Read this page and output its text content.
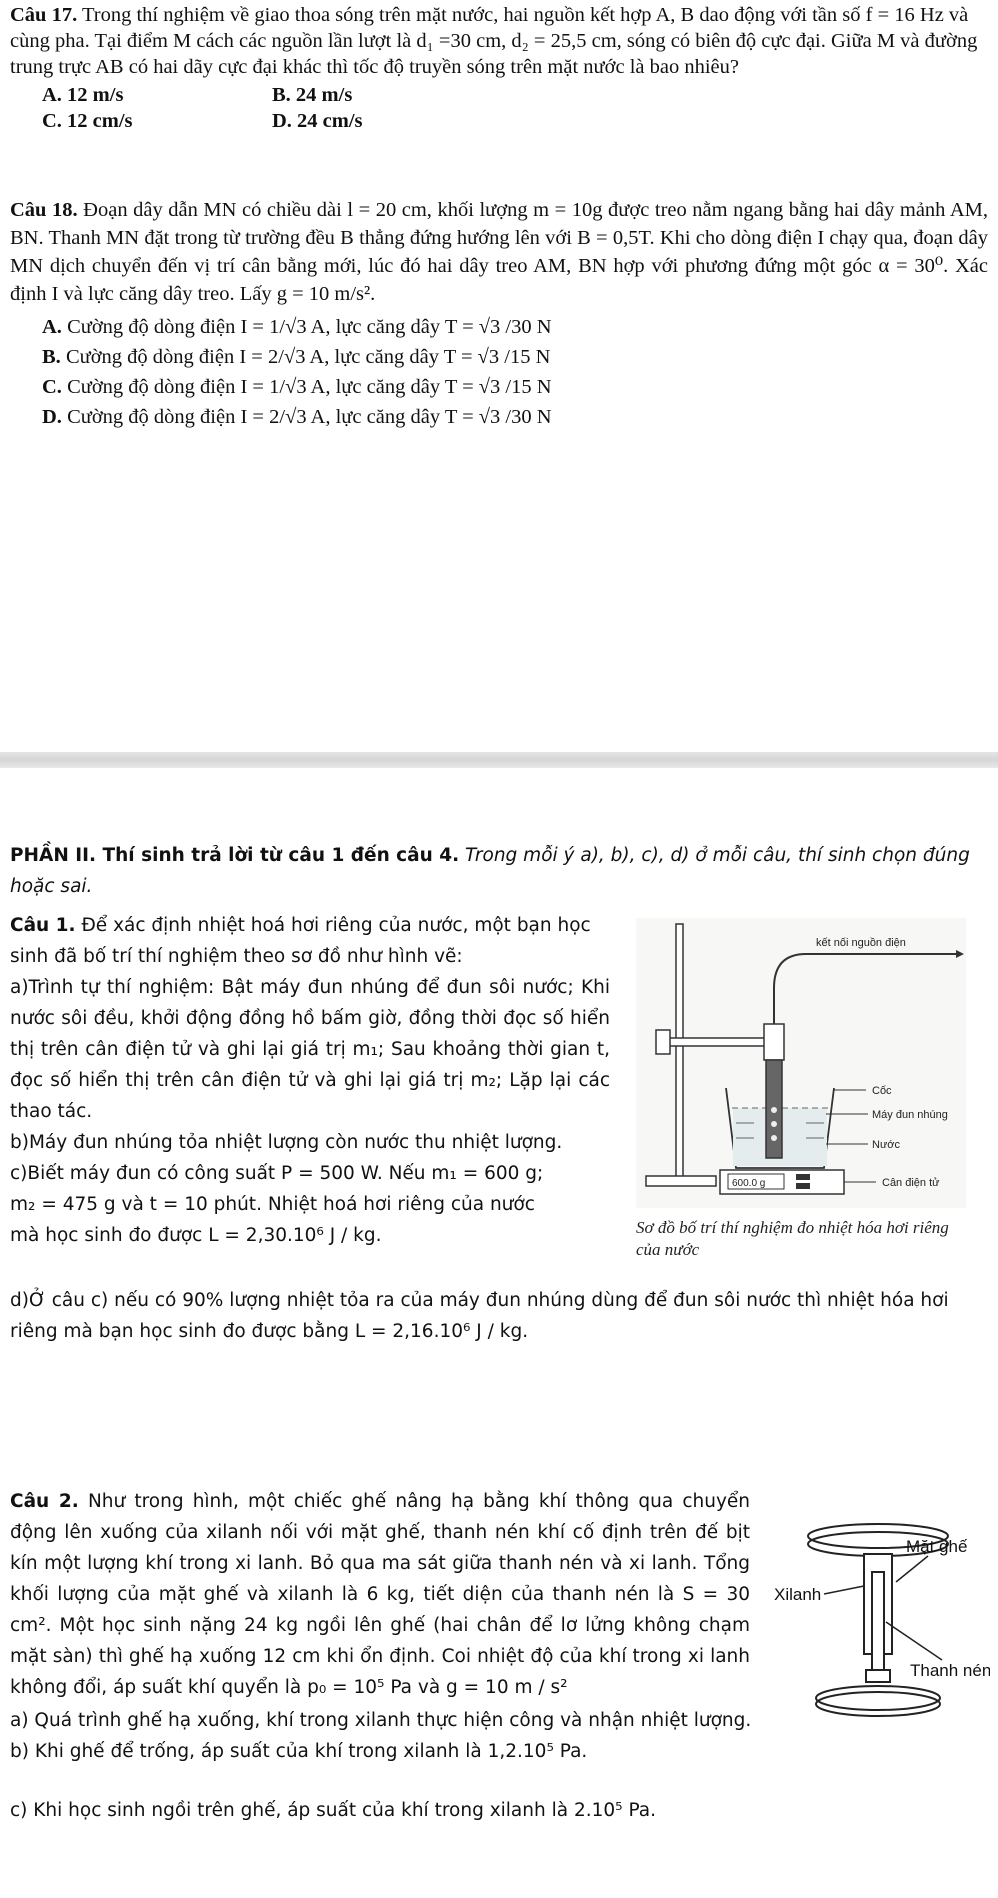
Câu 17. Trong thí nghiệm về giao thoa sóng trên mặt nước, hai nguồn kết hợp A, B dao động với tần số f = 16 Hz và cùng pha. Tại điểm M cách các nguồn lần lượt là d₁ =30 cm, d₂ = 25,5 cm, sóng có biên độ cực đại. Giữa M và đường trung trực AB có hai dãy cực đại khác thì tốc độ truyền sóng trên mặt nước là bao nhiêu?

A. 12 m/s	B. 24 m/s
C. 12 cm/s	D. 24 cm/s

Câu 18. Đoạn dây dẫn MN có chiều dài l = 20 cm, khối lượng m = 10g được treo nằm ngang bằng hai dây mảnh AM, BN. Thanh MN đặt trong từ trường đều B thẳng đứng hướng lên với B = 0,5T. Khi cho dòng điện I chạy qua, đoạn dây MN dịch chuyển đến vị trí cân bằng mới, lúc đó hai dây treo AM, BN hợp với phương đứng một góc α = 30⁰. Xác định I và lực căng dây treo. Lấy g = 10 m/s².

A. Cường độ dòng điện I = 1/√3 A, lực căng dây T = √3 /30 N

B. Cường độ dòng điện I = 2/√3 A, lực căng dây T = √3 /15 N

C. Cường độ dòng điện I = 1/√3 A, lực căng dây T = √3 /15 N

D. Cường độ dòng điện I = 2/√3 A, lực căng dây T = √3 /30 N

PHẦN II. Thí sinh trả lời từ câu 1 đến câu 4. Trong mỗi ý a), b), c), d) ở mỗi câu, thí sinh chọn đúng hoặc sai.

Câu 1. Để xác định nhiệt hoá hơi riêng của nước, một bạn học sinh đã bố trí thí nghiệm theo sơ đồ như hình vẽ:

a)Trình tự thí nghiệm: Bật máy đun nhúng để đun sôi nước; Khi nước sôi đều, khởi động đồng hồ bấm giờ, đồng thời đọc số hiển thị trên cân điện tử và ghi lại giá trị m₁; Sau khoảng thời gian t, đọc số hiển thị trên cân điện tử và ghi lại giá trị m₂; Lặp lại các thao tác.

b)Máy đun nhúng tỏa nhiệt lượng còn nước thu nhiệt lượng.

c)Biết máy đun có công suất P = 500 W. Nếu m₁ = 600 g;

m₂ = 475 g và t = 10 phút. Nhiệt hoá hơi riêng của nước

mà học sinh đo được L = 2,30.10⁶ J / kg.

d)Ở câu c) nếu có 90% lượng nhiệt tỏa ra của máy đun nhúng dùng để đun sôi nước thì nhiệt hóa hơi riêng mà bạn học sinh đo được bằng L = 2,16.10⁶ J / kg.

kết nối nguồn điện
600.0 g
Cốc
Máy đun nhúng
Nước
Cân điện tử

Sơ đồ bố trí thí nghiệm đo nhiệt hóa hơi riêng của nước

Câu 2. Như trong hình, một chiếc ghế nâng hạ bằng khí thông qua chuyển động lên xuống của xilanh nối với mặt ghế, thanh nén khí cố định trên đế bịt kín một lượng khí trong xi lanh. Bỏ qua ma sát giữa thanh nén và xi lanh. Tổng khối lượng của mặt ghế và xilanh là 6 kg, tiết diện của thanh nén là S = 30 cm². Một học sinh nặng 24 kg ngồi lên ghế (hai chân để lơ lửng không chạm mặt sàn) thì ghế hạ xuống 12 cm khi ổn định. Coi nhiệt độ của khí trong xi lanh không đổi, áp suất khí quyển là p₀ = 10⁵ Pa và g = 10 m / s²

a) Quá trình ghế hạ xuống, khí trong xilanh thực hiện công và nhận nhiệt lượng.

b) Khi ghế để trống, áp suất của khí trong xilanh là 1,2.10⁵ Pa.

c) Khi học sinh ngồi trên ghế, áp suất của khí trong xilanh là 2.10⁵ Pa.

Xilanh
Mặt ghế
Thanh nén
